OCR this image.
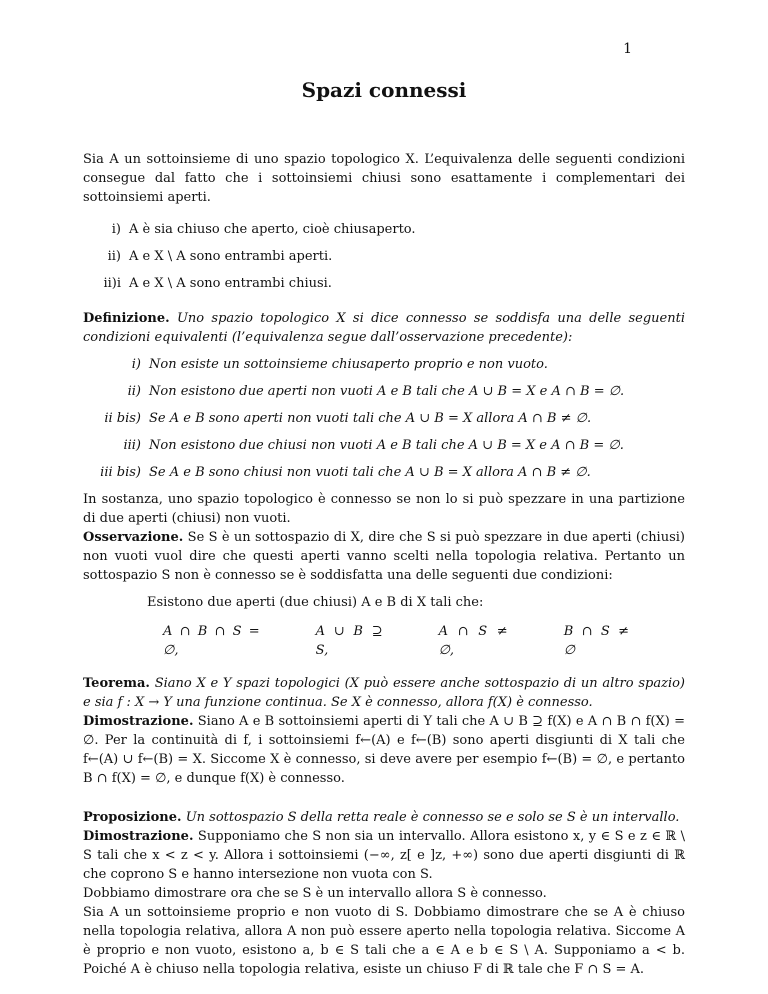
1
Spazi connessi

Sia A un sottoinsieme di uno spazio topologico X. L’equivalenza delle seguenti condizioni consegue dal fatto che i sottoinsiemi chiusi sono esattamente i complementari dei sottoinsiemi aperti.

i) A è sia chiuso che aperto, cioè chiusaperto.
ii) A e X \ A sono entrambi aperti.
ii)i A e X \ A sono entrambi chiusi.

Definizione. Uno spazio topologico X si dice connesso se soddisfa una delle seguenti condizioni equivalenti (l’equivalenza segue dall’osservazione precedente):

i) Non esiste un sottoinsieme chiusaperto proprio e non vuoto.
ii) Non esistono due aperti non vuoti A e B tali che A ∪ B = X e A ∩ B = ∅.
ii bis) Se A e B sono aperti non vuoti tali che A ∪ B = X allora A ∩ B ≠ ∅.
iii) Non esistono due chiusi non vuoti A e B tali che A ∪ B = X e A ∩ B = ∅.
iii bis) Se A e B sono chiusi non vuoti tali che A ∪ B = X allora A ∩ B ≠ ∅.

In sostanza, uno spazio topologico è connesso se non lo si può spezzare in una partizione di due aperti (chiusi) non vuoti.

Osservazione. Se S è un sottospazio di X, dire che S si può spezzare in due aperti (chiusi) non vuoti vuol dire che questi aperti vanno scelti nella topologia relativa. Pertanto un sottospazio S non è connesso se è soddisfatta una delle seguenti due condizioni:

Esistono due aperti (due chiusi) A e B di X tali che:

A ∩ B ∩ S = ∅,
A ∪ B ⊇ S,
A ∩ S ≠ ∅,
B ∩ S ≠ ∅

Teorema. Siano X e Y spazi topologici (X può essere anche sottospazio di un altro spazio) e sia f : X → Y una funzione continua. Se X è connesso, allora f(X) è connesso.

Dimostrazione. Siano A e B sottoinsiemi aperti di Y tali che A ∪ B ⊇ f(X) e A ∩ B ∩ f(X) = ∅. Per la continuità di f, i sottoinsiemi f←(A) e f←(B) sono aperti disgiunti di X tali che f←(A) ∪ f←(B) = X. Siccome X è connesso, si deve avere per esempio f←(B) = ∅, e pertanto B ∩ f(X) = ∅, e dunque f(X) è connesso.

Proposizione. Un sottospazio S della retta reale è connesso se e solo se S è un intervallo.

Dimostrazione. Supponiamo che S non sia un intervallo. Allora esistono x, y ∈ S e z ∈ ℝ \ S tali che x < z < y. Allora i sottoinsiemi (−∞, z[ e ]z, +∞) sono due aperti disgiunti di ℝ che coprono S e hanno intersezione non vuota con S.

Dobbiamo dimostrare ora che se S è un intervallo allora S è connesso.

Sia A un sottoinsieme proprio e non vuoto di S. Dobbiamo dimostrare che se A è chiuso nella topologia relativa, allora A non può essere aperto nella topologia relativa. Siccome A è proprio e non vuoto, esistono a, b ∈ S tali che a ∈ A e b ∈ S \ A. Supponiamo a < b. Poiché A è chiuso nella topologia relativa, esiste un chiuso F di ℝ tale che F ∩ S = A.
